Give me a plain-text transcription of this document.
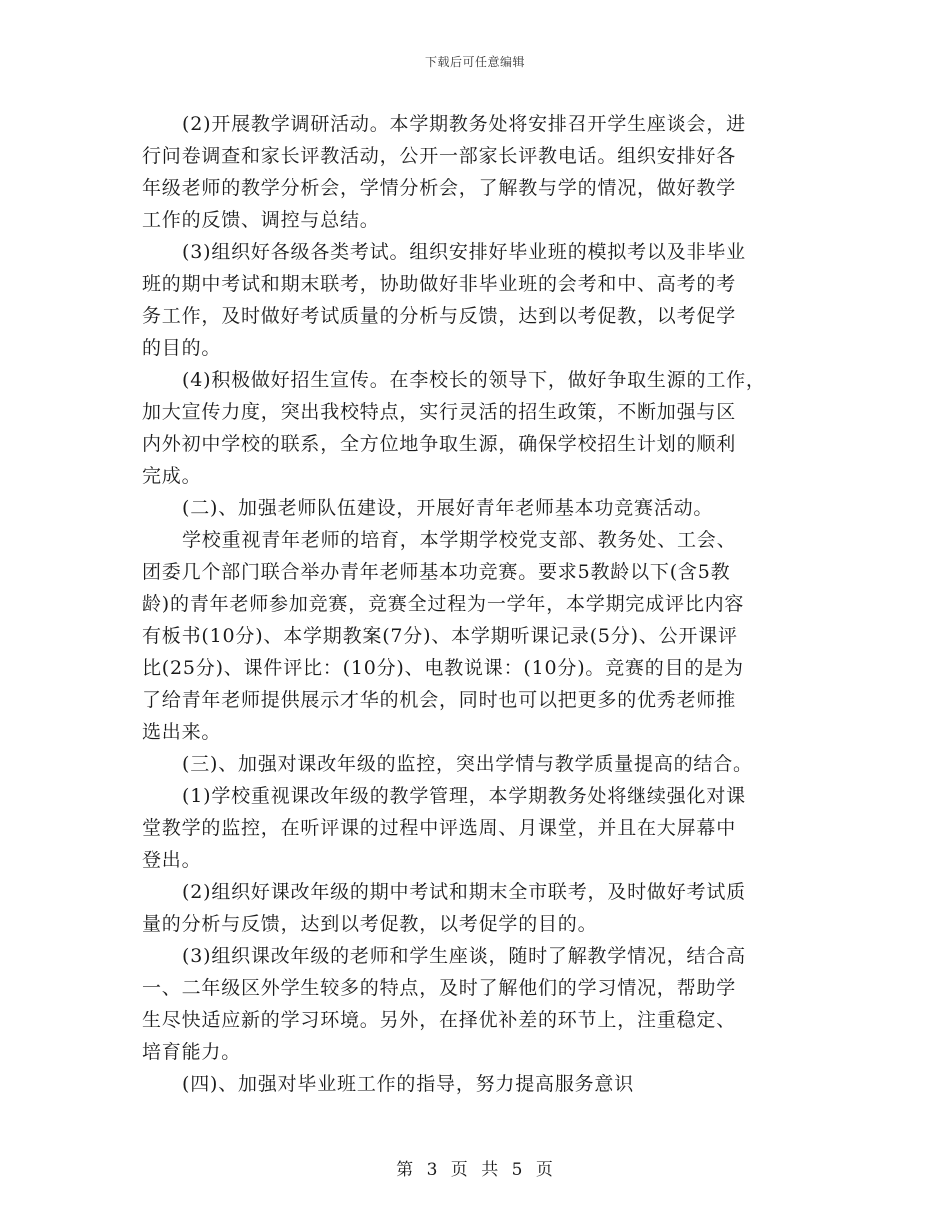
下载后可任意编辑
(2)开展教学调研活动。本学期教务处将安排召开学生座谈会，进
行问卷调查和家长评教活动，公开一部家长评教电话。组织安排好各
年级老师的教学分析会，学情分析会，了解教与学的情况，做好教学
工作的反馈、调控与总结。
(3)组织好各级各类考试。组织安排好毕业班的模拟考以及非毕业
班的期中考试和期末联考，协助做好非毕业班的会考和中、高考的考
务工作，及时做好考试质量的分析与反馈，达到以考促教，以考促学
的目的。
(4)积极做好招生宣传。在李校长的领导下，做好争取生源的工作，
加大宣传力度，突出我校特点，实行灵活的招生政策，不断加强与区
内外初中学校的联系，全方位地争取生源，确保学校招生计划的顺利
完成。
(二)、加强老师队伍建设，开展好青年老师基本功竞赛活动。
学校重视青年老师的培育，本学期学校党支部、教务处、工会、
团委几个部门联合举办青年老师基本功竞赛。要求5教龄以下(含5教
龄)的青年老师参加竞赛，竞赛全过程为一学年，本学期完成评比内容
有板书(10分)、本学期教案(7分)、本学期听课记录(5分)、公开课评
比(25分)、课件评比：(10分)、电教说课：(10分)。竞赛的目的是为
了给青年老师提供展示才华的机会，同时也可以把更多的优秀老师推
选出来。
(三)、加强对课改年级的监控，突出学情与教学质量提高的结合。
(1)学校重视课改年级的教学管理，本学期教务处将继续强化对课
堂教学的监控，在听评课的过程中评选周、月课堂，并且在大屏幕中
登出。
(2)组织好课改年级的期中考试和期末全市联考，及时做好考试质
量的分析与反馈，达到以考促教，以考促学的目的。
(3)组织课改年级的老师和学生座谈，随时了解教学情况，结合高
一、二年级区外学生较多的特点，及时了解他们的学习情况，帮助学
生尽快适应新的学习环境。另外，在择优补差的环节上，注重稳定、
培育能力。
(四)、加强对毕业班工作的指导，努力提高服务意识
第 3 页 共 5 页
